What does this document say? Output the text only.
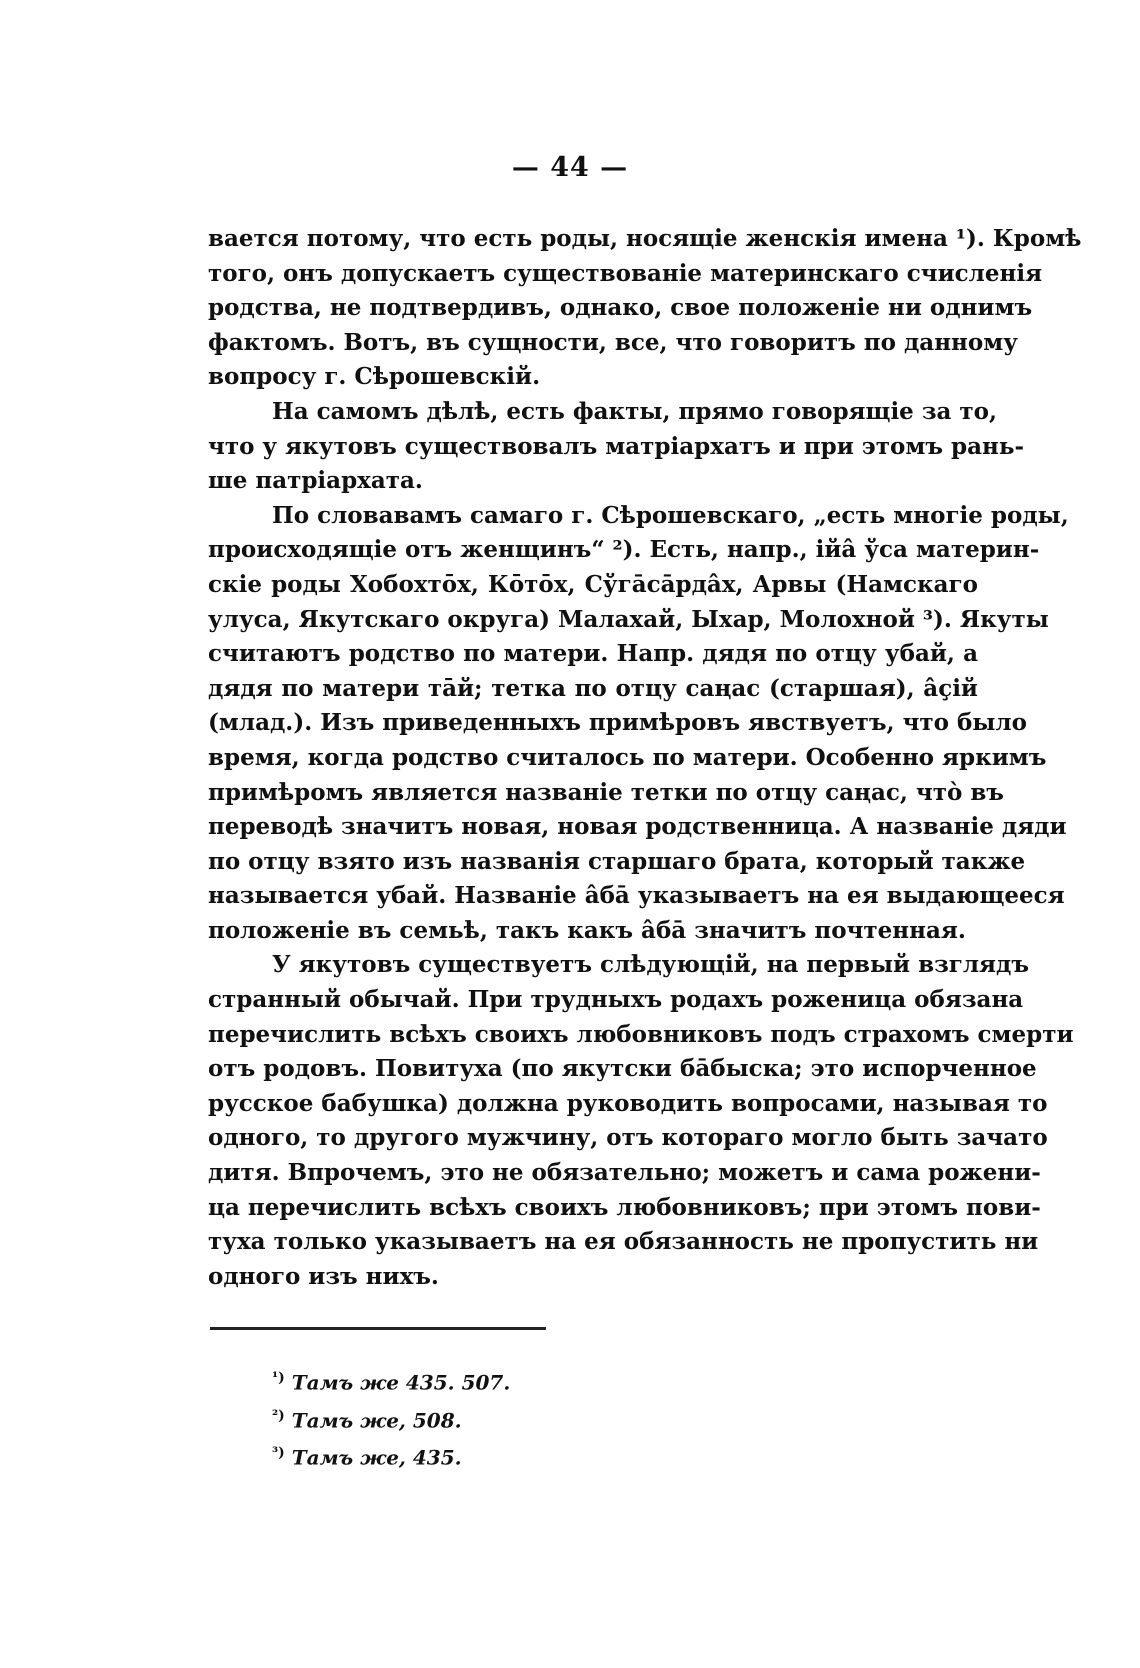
— 44 —
вается потому, что есть роды, носящіе женскія имена ¹). Кромѣ
того, онъ допускаетъ существованіе материнскаго счисленія
родства, не подтвердивъ, однако, свое положеніе ни однимъ
фактомъ. Вотъ, въ сущности, все, что говоритъ по данному
вопросу г. Сѣрошевскій.
На самомъ дѣлѣ, есть факты, прямо говорящіе за то,
что у якутовъ существовалъ матріархатъ и при этомъ рань-
ше патріархата.
По словавамъ самаго г. Сѣрошевскаго, „есть многіе роды,
происходящіе отъ женщинъ“ ²). Есть, напр., ійа̂ ўса материн-
скіе роды Хобохтōх, Кōтōх, Сўга̄са̄рда̂х, Арвы (Намскаго
улуса, Якутскаго округа) Малахай, Ыхар, Молохной ³). Якуты
считаютъ родство по матери. Напр. дядя по отцу убай, а
дядя по матери тāй; тетка по отцу саңас (старшая), а̂ҫій
(млад.). Изъ приведенныхъ примѣровъ явствуетъ, что было
время, когда родство считалось по матери. Особенно яркимъ
примѣромъ является названіе тетки по отцу саңас, что̀ въ
переводѣ значитъ новая, новая родственница. А названіе дяди
по отцу взято изъ названія старшаго брата, который также
называется убай. Названіе а̂ба̄ указываетъ на ея выдающееся
положеніе въ семьѣ, такъ какъ а̂ба̄ значитъ почтенная.
У якутовъ существуетъ слѣдующій, на первый взглядъ
странный обычай. При трудныхъ родахъ роженица обязана
перечислить всѣхъ своихъ любовниковъ подъ страхомъ смерти
отъ родовъ. Повитуха (по якутски ба̄быска; это испорченное
русское бабушка) должна руководить вопросами, называя то
одного, то другого мужчину, отъ котораго могло быть зачато
дитя. Впрочемъ, это не обязательно; можетъ и сама рожени-
ца перечислить всѣхъ своихъ любовниковъ; при этомъ пови-
туха только указываетъ на ея обязанность не пропустить ни
одного изъ нихъ.
$^{^1)}$ Тамъ же 435. 507.
$^{^2)}$ Тамъ же, 508.
$^{^3)}$ Тамъ же, 435.
